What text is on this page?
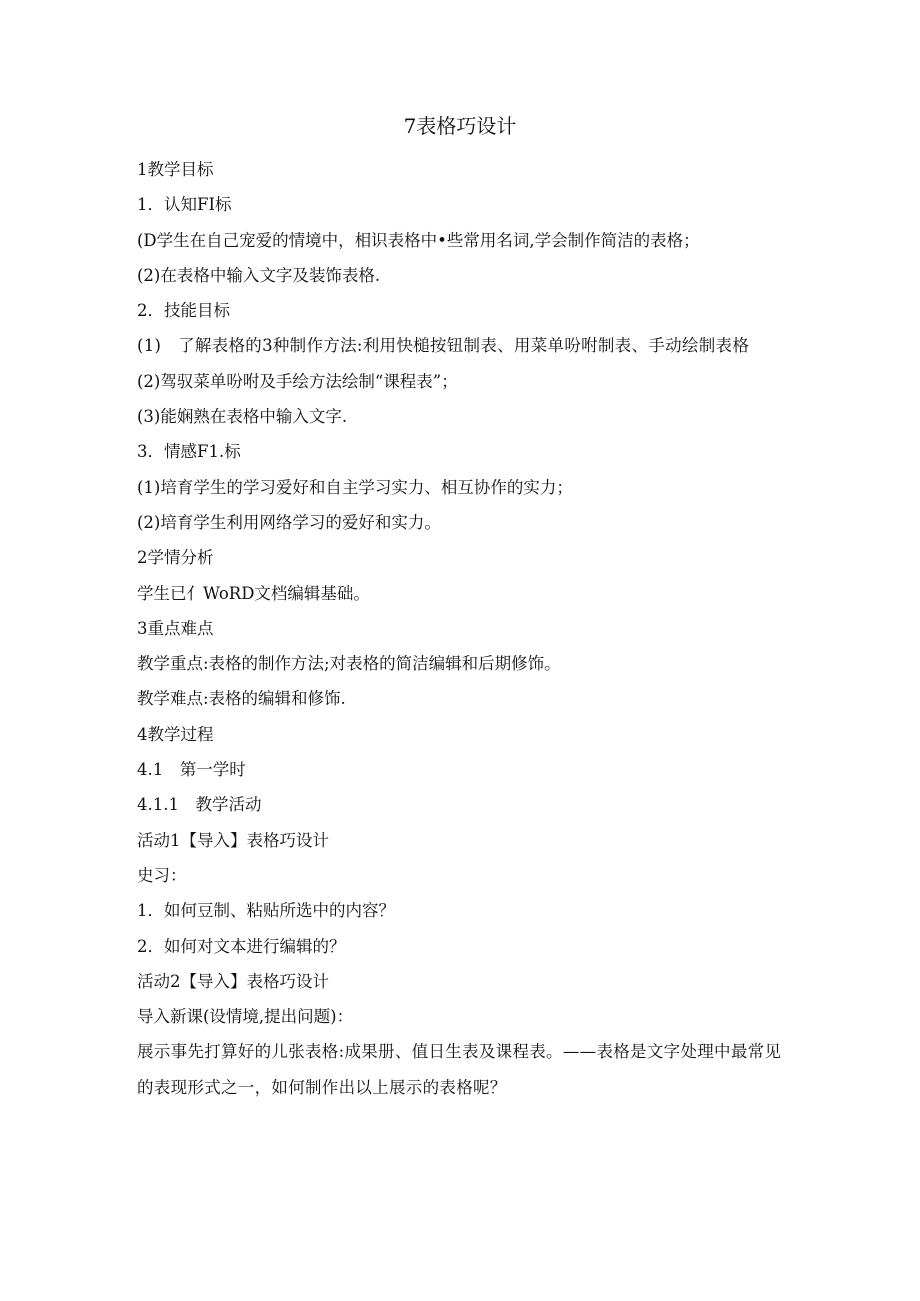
7表格巧设计

1教学目标

1．认知FI标

(D学生在自己宠爱的情境中，相识表格中•些常用名词,学会制作简洁的表格；

(2)在表格中输入文字及装饰表格.

2．技能目标

(1)　了解表格的3种制作方法:利用快槌按钮制表、用菜单吩咐制表、手动绘制表格

(2)驾驭菜单吩咐及手绘方法绘制“课程表”；

(3)能娴熟在表格中输入文字.

3．情感F1.标

(1)培育学生的学习爱好和自主学习实力、相互协作的实力；

(2)培育学生利用网络学习的爱好和实力。

2学情分析

学生已亻WoRD文档编辑基础。

3重点难点

教学重点:表格的制作方法;对表格的简洁编辑和后期修饰。

教学难点:表格的编辑和修饰.

4教学过程

4.1　第一学时

4.1.1　教学活动

活动1【导入】表格巧设计

史习：

1．如何豆制、粘贴所选中的内容？

2．如何对文本进行编辑的？

活动2【导入】表格巧设计

导入新课(设情境,提出问题)：

展示事先打算好的儿张表格:成果册、值日生表及课程表。——表格是文字处理中最常见的表现形式之一，如何制作出以上展示的表格呢？
